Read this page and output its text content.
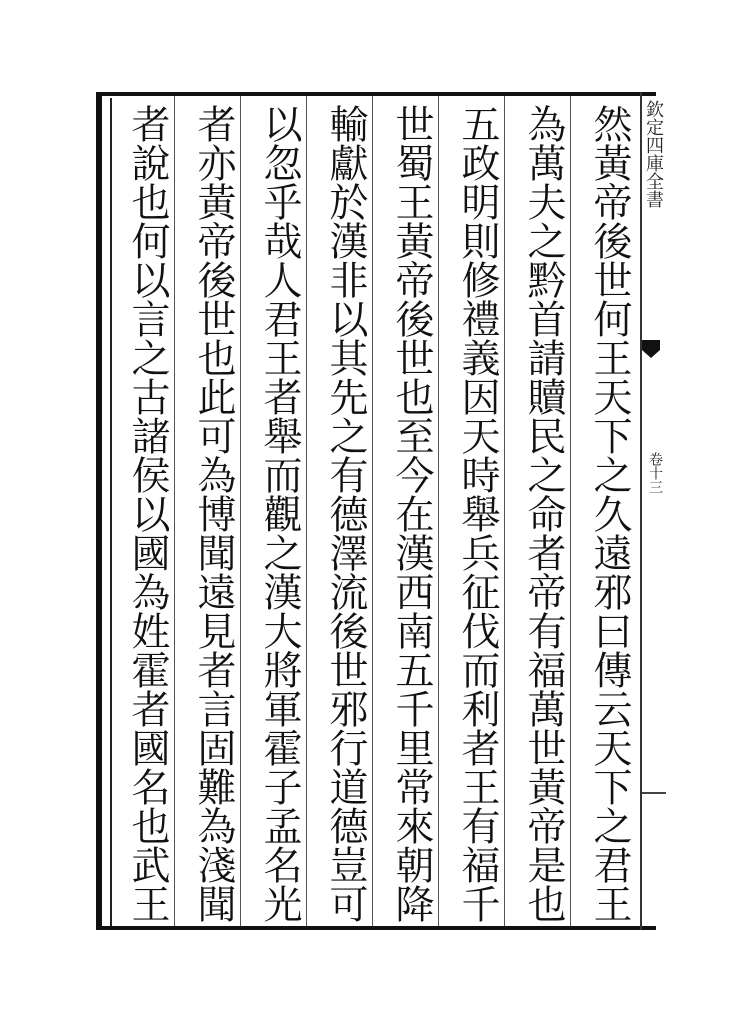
然黃帝後世何王天下之久遠邪曰傳云天下之君王
為萬夫之黔首請贖民之命者帝有福萬世黃帝是也
五政明則修禮義因天時舉兵征伐而利者王有福千
世蜀王黃帝後世也至今在漢西南五千里常來朝降
輸獻於漢非以其先之有德澤流後世邪行道德豈可
以忽乎哉人君王者舉而觀之漢大將軍霍子孟名光
者亦黃帝後世也此可為博聞遠見者言固難為淺聞
者說也何以言之古諸侯以國為姓霍者國名也武王	欽定四庫全書
卷十三
